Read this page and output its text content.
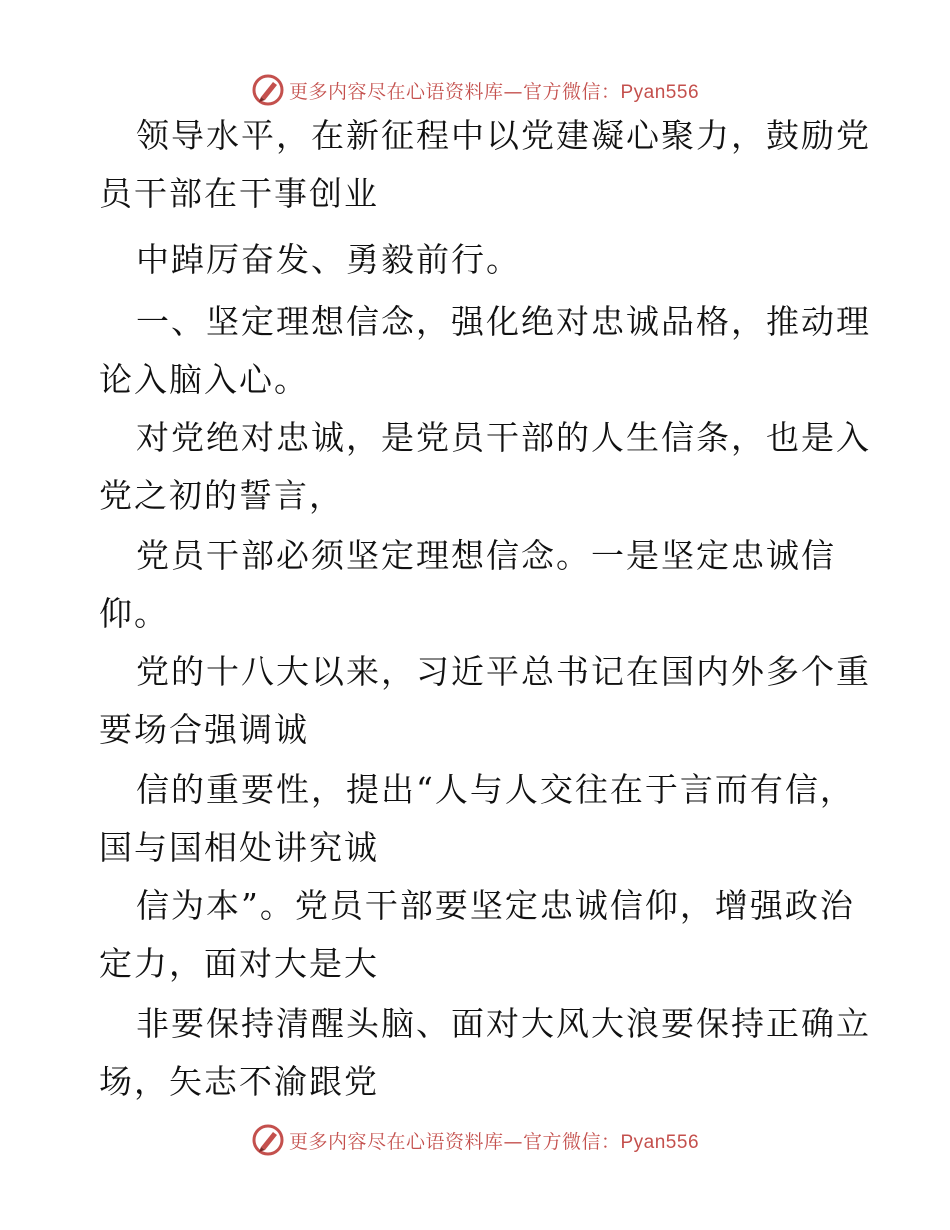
更多内容尽在心语资料库—官方微信：Pyan556
领导水平，在新征程中以党建凝心聚力，鼓励党
员干部在干事创业
中踔厉奋发、勇毅前行。
一、坚定理想信念，强化绝对忠诚品格，推动理
论入脑入心。
对党绝对忠诚，是党员干部的人生信条，也是入
党之初的誓言，
党员干部必须坚定理想信念。一是坚定忠诚信
仰。
党的十八大以来，习近平总书记在国内外多个重
要场合强调诚
信的重要性，提出“人与人交往在于言而有信，
国与国相处讲究诚
信为本”。党员干部要坚定忠诚信仰，增强政治
定力，面对大是大
非要保持清醒头脑、面对大风大浪要保持正确立
场，矢志不渝跟党
更多内容尽在心语资料库—官方微信：Pyan556
